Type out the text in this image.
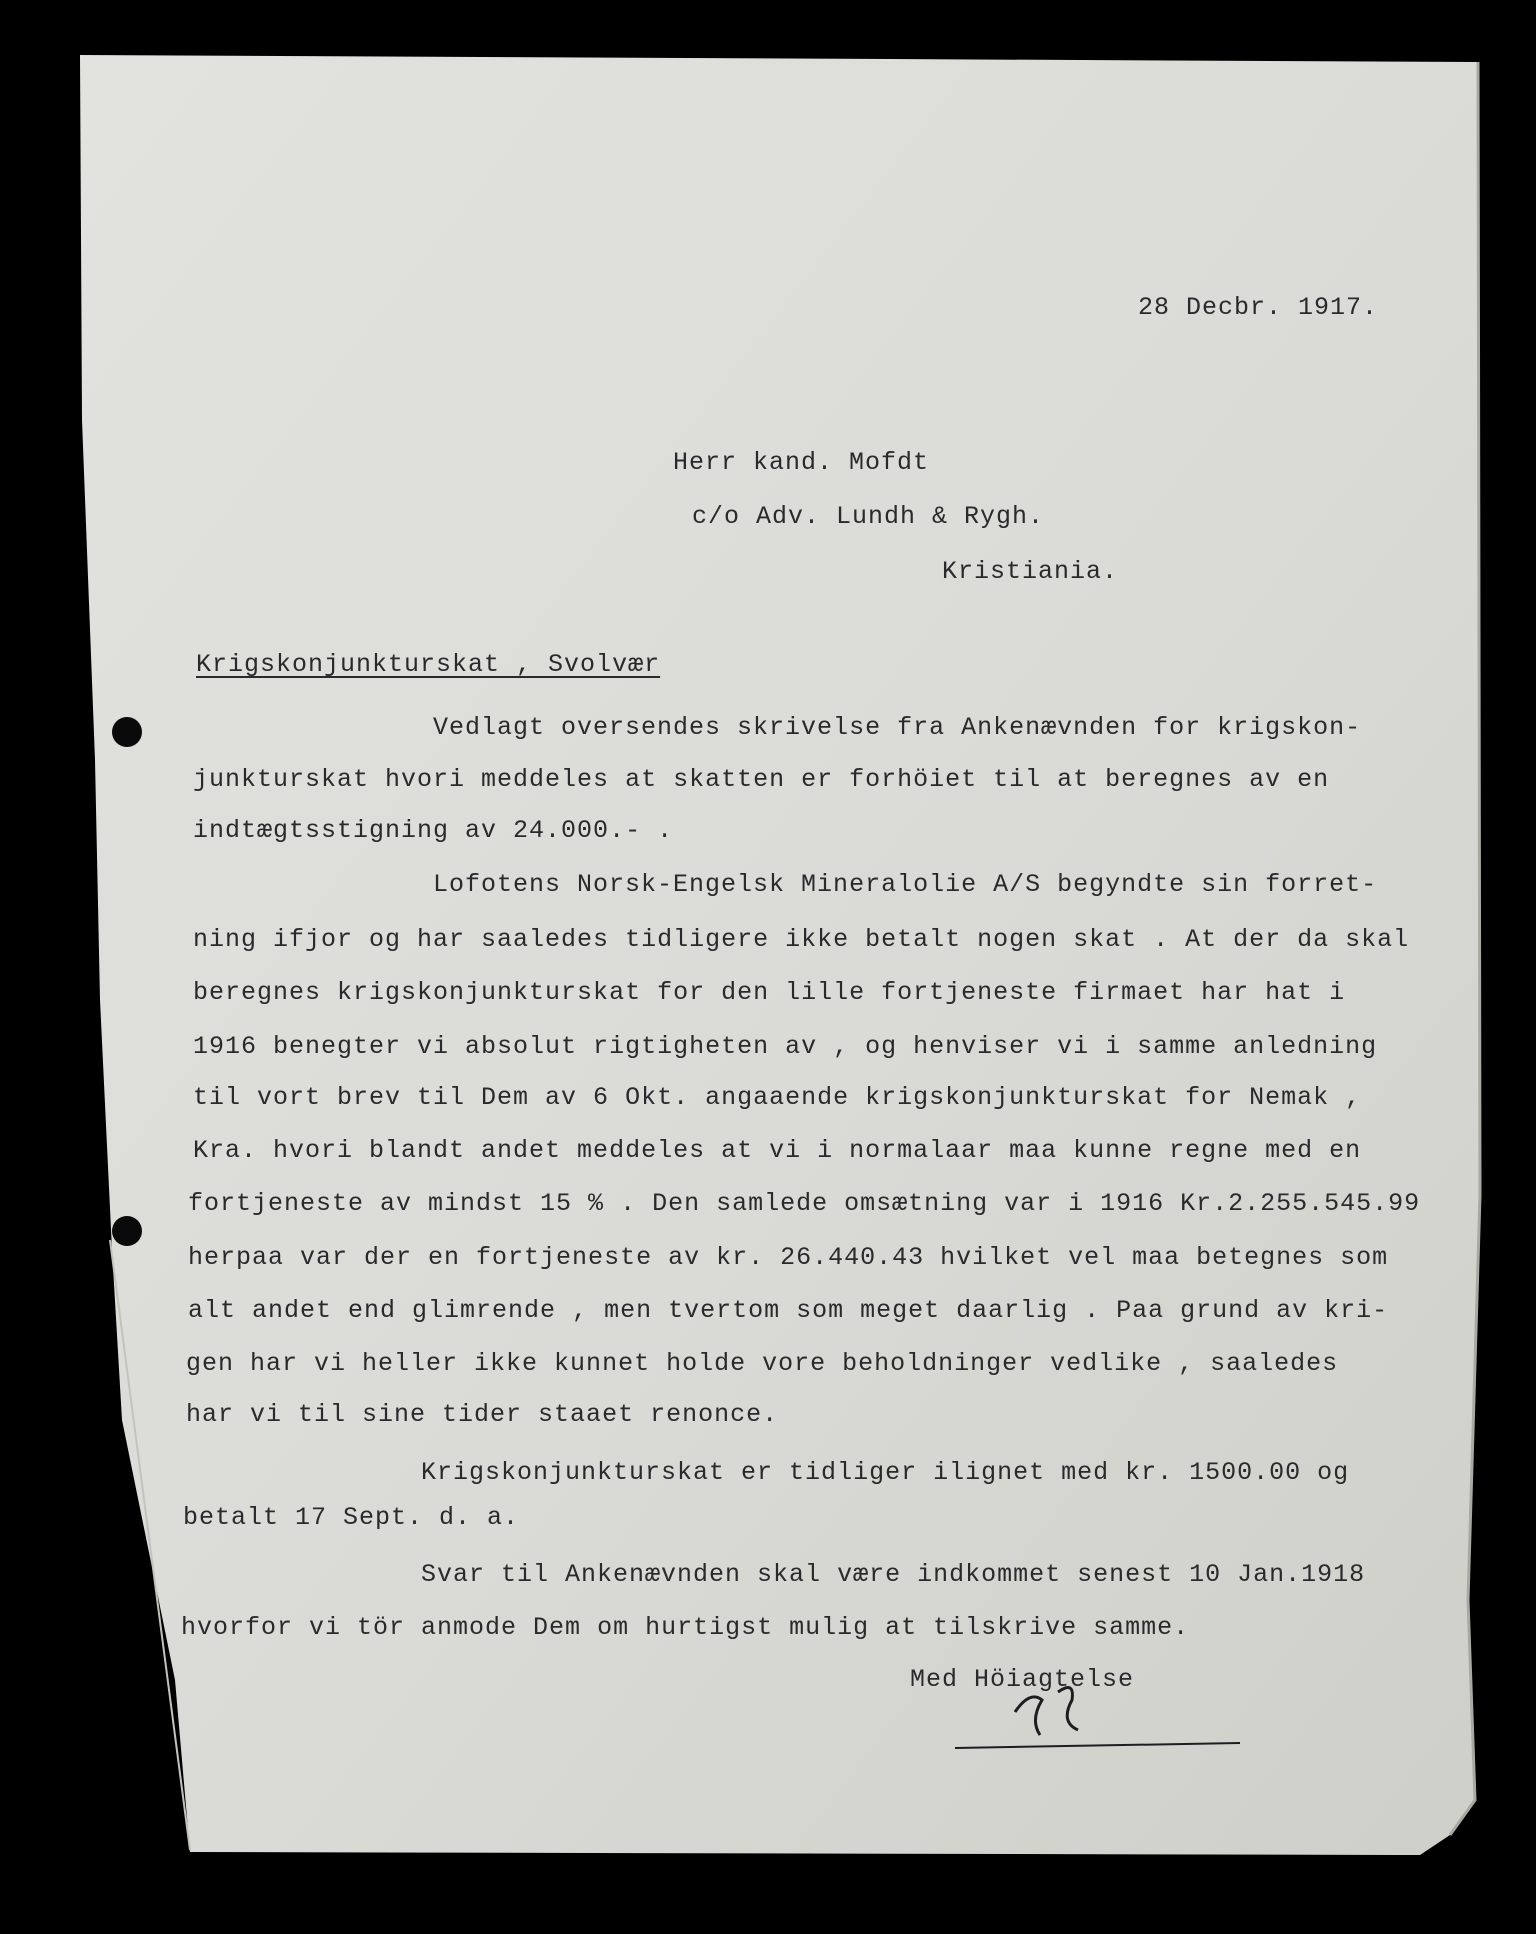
28 Decbr. 1917.
Herr kand. Mofdt
c/o Adv. Lundh & Rygh.
Kristiania.
Krigskonjunkturskat , Svolvær
Vedlagt oversendes skrivelse fra Ankenævnden for krigskon-
junkturskat hvori meddeles at skatten er forhöiet til at beregnes av en
indtægtsstigning av 24.000.- .
Lofotens Norsk-Engelsk Mineralolie A/S begyndte sin forret-
ning ifjor og har saaledes tidligere ikke betalt nogen skat . At der da skal
beregnes krigskonjunkturskat for den lille fortjeneste firmaet har hat i
1916 benegter vi absolut rigtigheten av , og henviser vi i samme anledning
til vort brev til Dem av 6 Okt. angaaende krigskonjunkturskat for Nemak ,
Kra. hvori blandt andet meddeles at vi i normalaar maa kunne regne med en
fortjeneste av mindst 15 % . Den samlede omsætning var i 1916 Kr.2.255.545.99
herpaa var der en fortjeneste av kr. 26.440.43 hvilket vel maa betegnes som
alt andet end glimrende , men tvertom som meget daarlig . Paa grund av kri-
gen har vi heller ikke kunnet holde vore beholdninger vedlike , saaledes
har vi til sine tider staaet renonce.
Krigskonjunkturskat er tidliger ilignet med kr. 1500.00 og
betalt 17 Sept. d. a.
Svar til Ankenævnden skal være indkommet senest 10 Jan.1918
hvorfor vi tör anmode Dem om hurtigst mulig at tilskrive samme.
Med Höiagtelse
